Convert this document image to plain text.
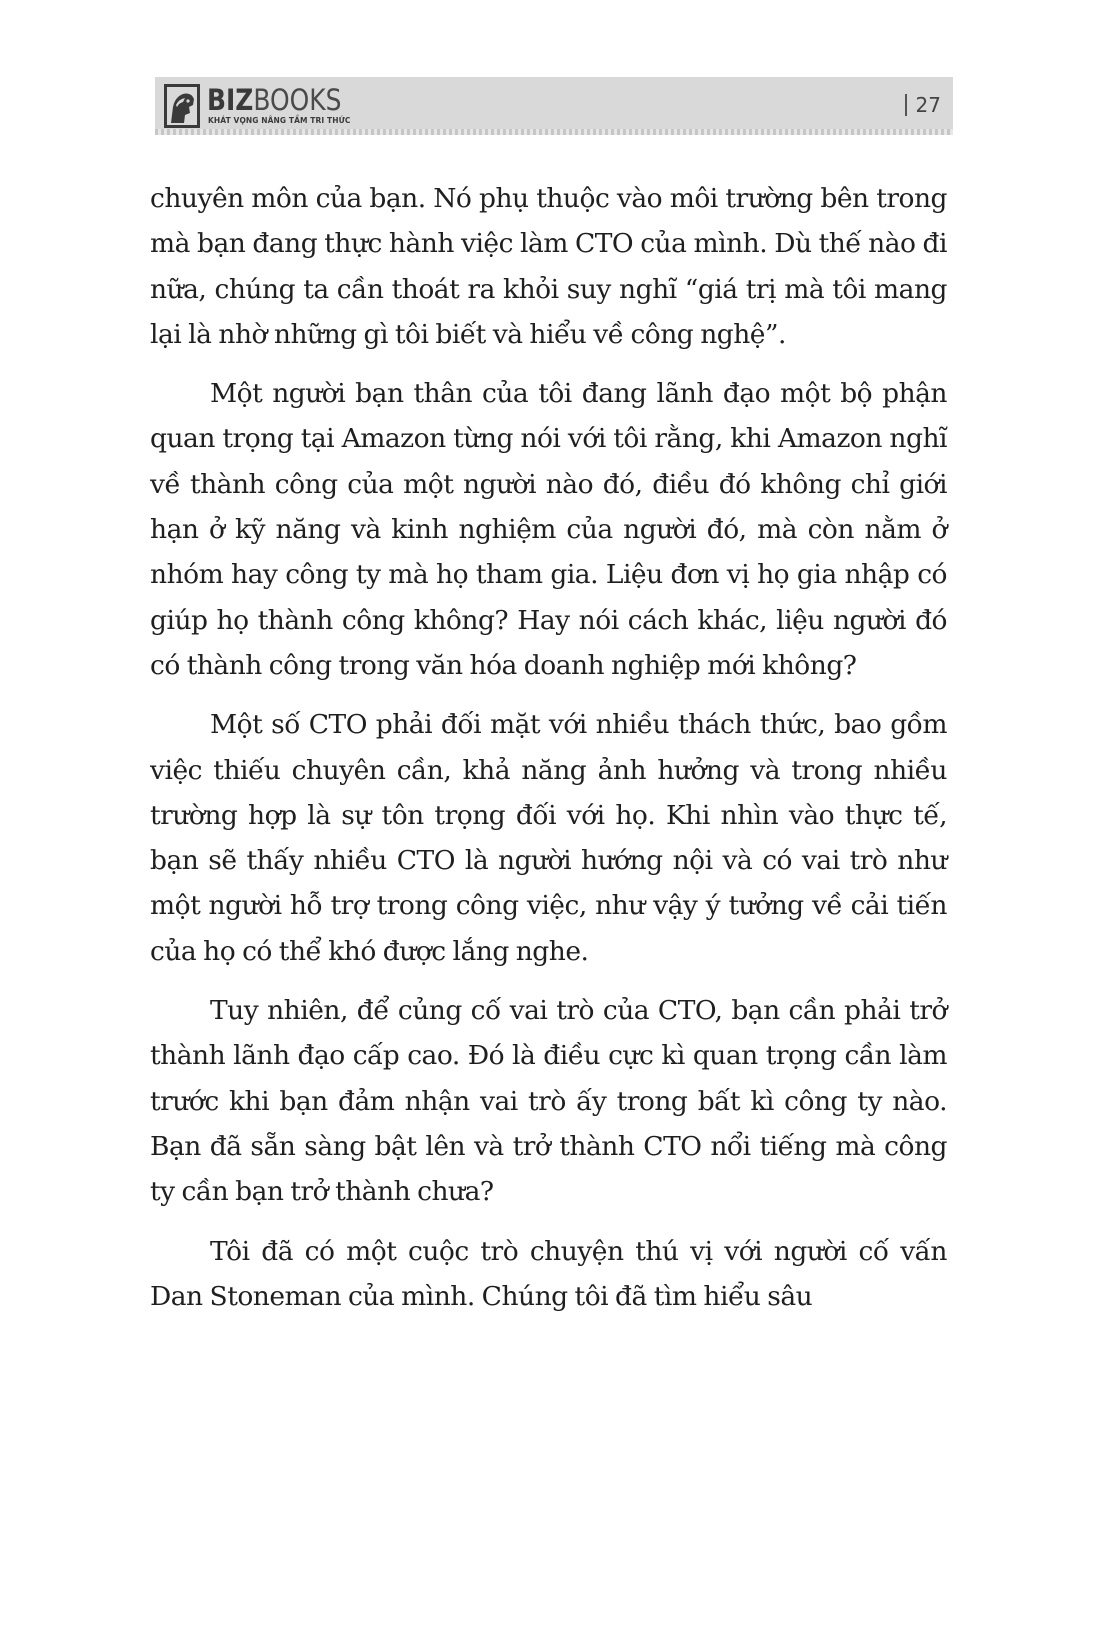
BIZBOOKS
KHÁT VỌNG NÂNG TẦM TRI THỨC
27

chuyên môn của bạn. Nó phụ thuộc vào môi trường bên trong mà bạn đang thực hành việc làm CTO của mình. Dù thế nào đi nữa, chúng ta cần thoát ra khỏi suy nghĩ “giá trị mà tôi mang lại là nhờ những gì tôi biết và hiểu về công nghệ”.

Một người bạn thân của tôi đang lãnh đạo một bộ phận quan trọng tại Amazon từng nói với tôi rằng, khi Amazon nghĩ về thành công của một người nào đó, điều đó không chỉ giới hạn ở kỹ năng và kinh nghiệm của người đó, mà còn nằm ở nhóm hay công ty mà họ tham gia. Liệu đơn vị họ gia nhập có giúp họ thành công không? Hay nói cách khác, liệu người đó có thành công trong văn hóa doanh nghiệp mới không?

Một số CTO phải đối mặt với nhiều thách thức, bao gồm việc thiếu chuyên cần, khả năng ảnh hưởng và trong nhiều trường hợp là sự tôn trọng đối với họ. Khi nhìn vào thực tế, bạn sẽ thấy nhiều CTO là người hướng nội và có vai trò như một người hỗ trợ trong công việc, như vậy ý tưởng về cải tiến của họ có thể khó được lắng nghe.

Tuy nhiên, để củng cố vai trò của CTO, bạn cần phải trở thành lãnh đạo cấp cao. Đó là điều cực kì quan trọng cần làm trước khi bạn đảm nhận vai trò ấy trong bất kì công ty nào. Bạn đã sẵn sàng bật lên và trở thành CTO nổi tiếng mà công ty cần bạn trở thành chưa?

Tôi đã có một cuộc trò chuyện thú vị với người cố vấn Dan Stoneman của mình. Chúng tôi đã tìm hiểu sâu
